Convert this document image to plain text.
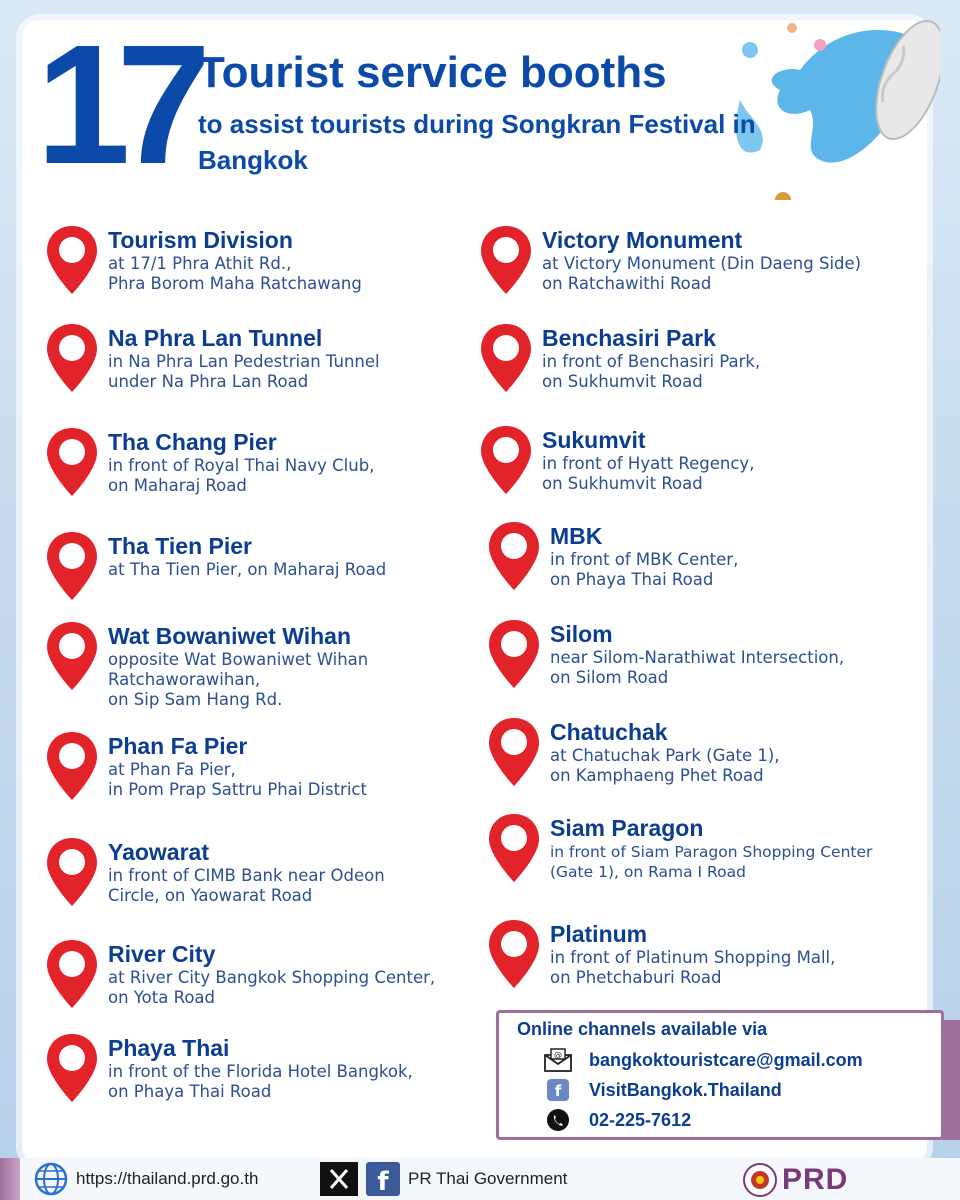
17 Tourist service booths
to assist tourists during Songkran Festival in Bangkok
Tourism Division
at 17/1 Phra Athit Rd.,
Phra Borom Maha Ratchawang
Na Phra Lan Tunnel
in Na Phra Lan Pedestrian Tunnel
under Na Phra Lan Road
Tha Chang Pier
in front of Royal Thai Navy Club,
on Maharaj Road
Tha Tien Pier
at Tha Tien Pier, on Maharaj Road
Wat Bowaniwet Wihan
opposite Wat Bowaniwet Wihan
Ratchaworawihan,
on Sip Sam Hang Rd.
Phan Fa Pier
at Phan Fa Pier,
in Pom Prap Sattru Phai District
Yaowarat
in front of CIMB Bank near Odeon
Circle, on Yaowarat Road
River City
at River City Bangkok Shopping Center,
on Yota Road
Phaya Thai
in front of the Florida Hotel Bangkok,
on Phaya Thai Road
Victory Monument
at Victory Monument (Din Daeng Side)
on Ratchawithi Road
Benchasiri Park
in front of Benchasiri Park,
on Sukhumvit Road
Sukumvit
in front of Hyatt Regency,
on Sukhumvit Road
MBK
in front of MBK Center,
on Phaya Thai Road
Silom
near Silom-Narathiwat Intersection,
on Silom Road
Chatuchak
at Chatuchak Park (Gate 1),
on Kamphaeng Phet Road
Siam Paragon
in front of Siam Paragon Shopping Center
(Gate 1), on Rama I Road
Platinum
in front of Platinum Shopping Mall,
on Phetchaburi Road
Online channels available via
@ bangkoktouristcare@gmail.com
f VisitBangkok.Thailand
02-225-7612
https://thailand.prd.go.th	f PR Thai Government	PRD
